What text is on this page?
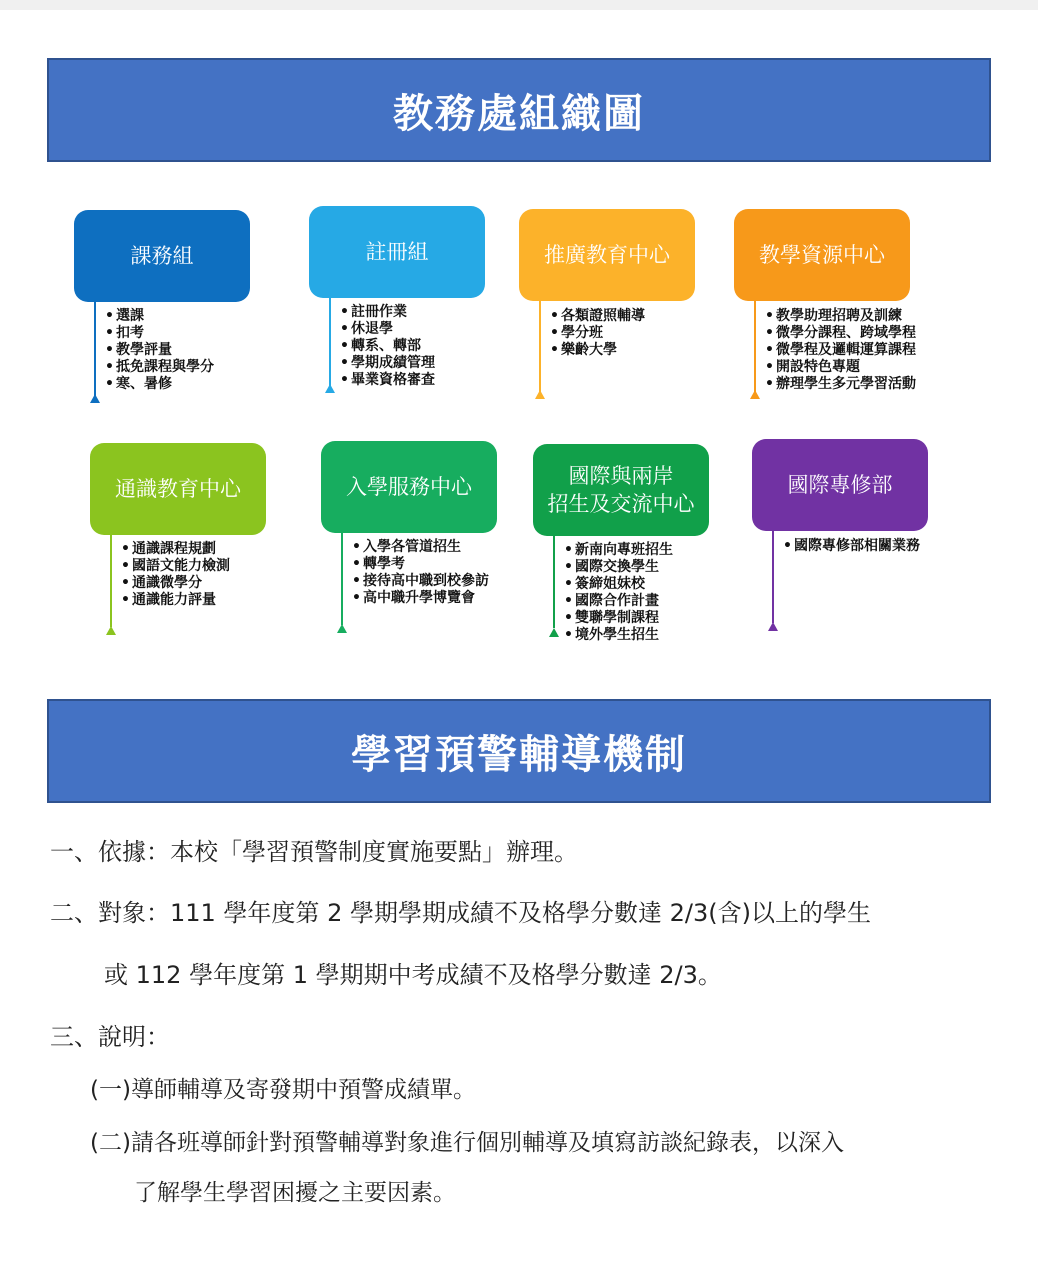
教務處組織圖
課務組
• 選課
• 扣考
• 教學評量
• 抵免課程與學分
• 寒、暑修
註冊組
• 註冊作業
• 休退學
• 轉系、轉部
• 學期成績管理
• 畢業資格審查
推廣教育中心
• 各類證照輔導
• 學分班
• 樂齡大學
教學資源中心
• 教學助理招聘及訓練
• 微學分課程、跨域學程
• 微學程及邏輯運算課程
• 開設特色專題
• 辦理學生多元學習活動
通識教育中心
• 通識課程規劃
• 國語文能力檢測
• 通識微學分
• 通識能力評量
入學服務中心
• 入學各管道招生
• 轉學考
• 接待高中職到校參訪
• 高中職升學博覽會
國際與兩岸
招生及交流中心
• 新南向專班招生
• 國際交換學生
• 簽締姐妹校
• 國際合作計畫
• 雙聯學制課程
• 境外學生招生
國際專修部
• 國際專修部相關業務
學習預警輔導機制
一、依據：本校「學習預警制度實施要點」辦理。
二、對象：111 學年度第 2 學期學期成績不及格學分數達 2/3(含)以上的學生
或 112 學年度第 1 學期期中考成績不及格學分數達 2/3。
三、說明：
(一)導師輔導及寄發期中預警成績單。
(二)請各班導師針對預警輔導對象進行個別輔導及填寫訪談紀錄表，以深入
了解學生學習困擾之主要因素。
